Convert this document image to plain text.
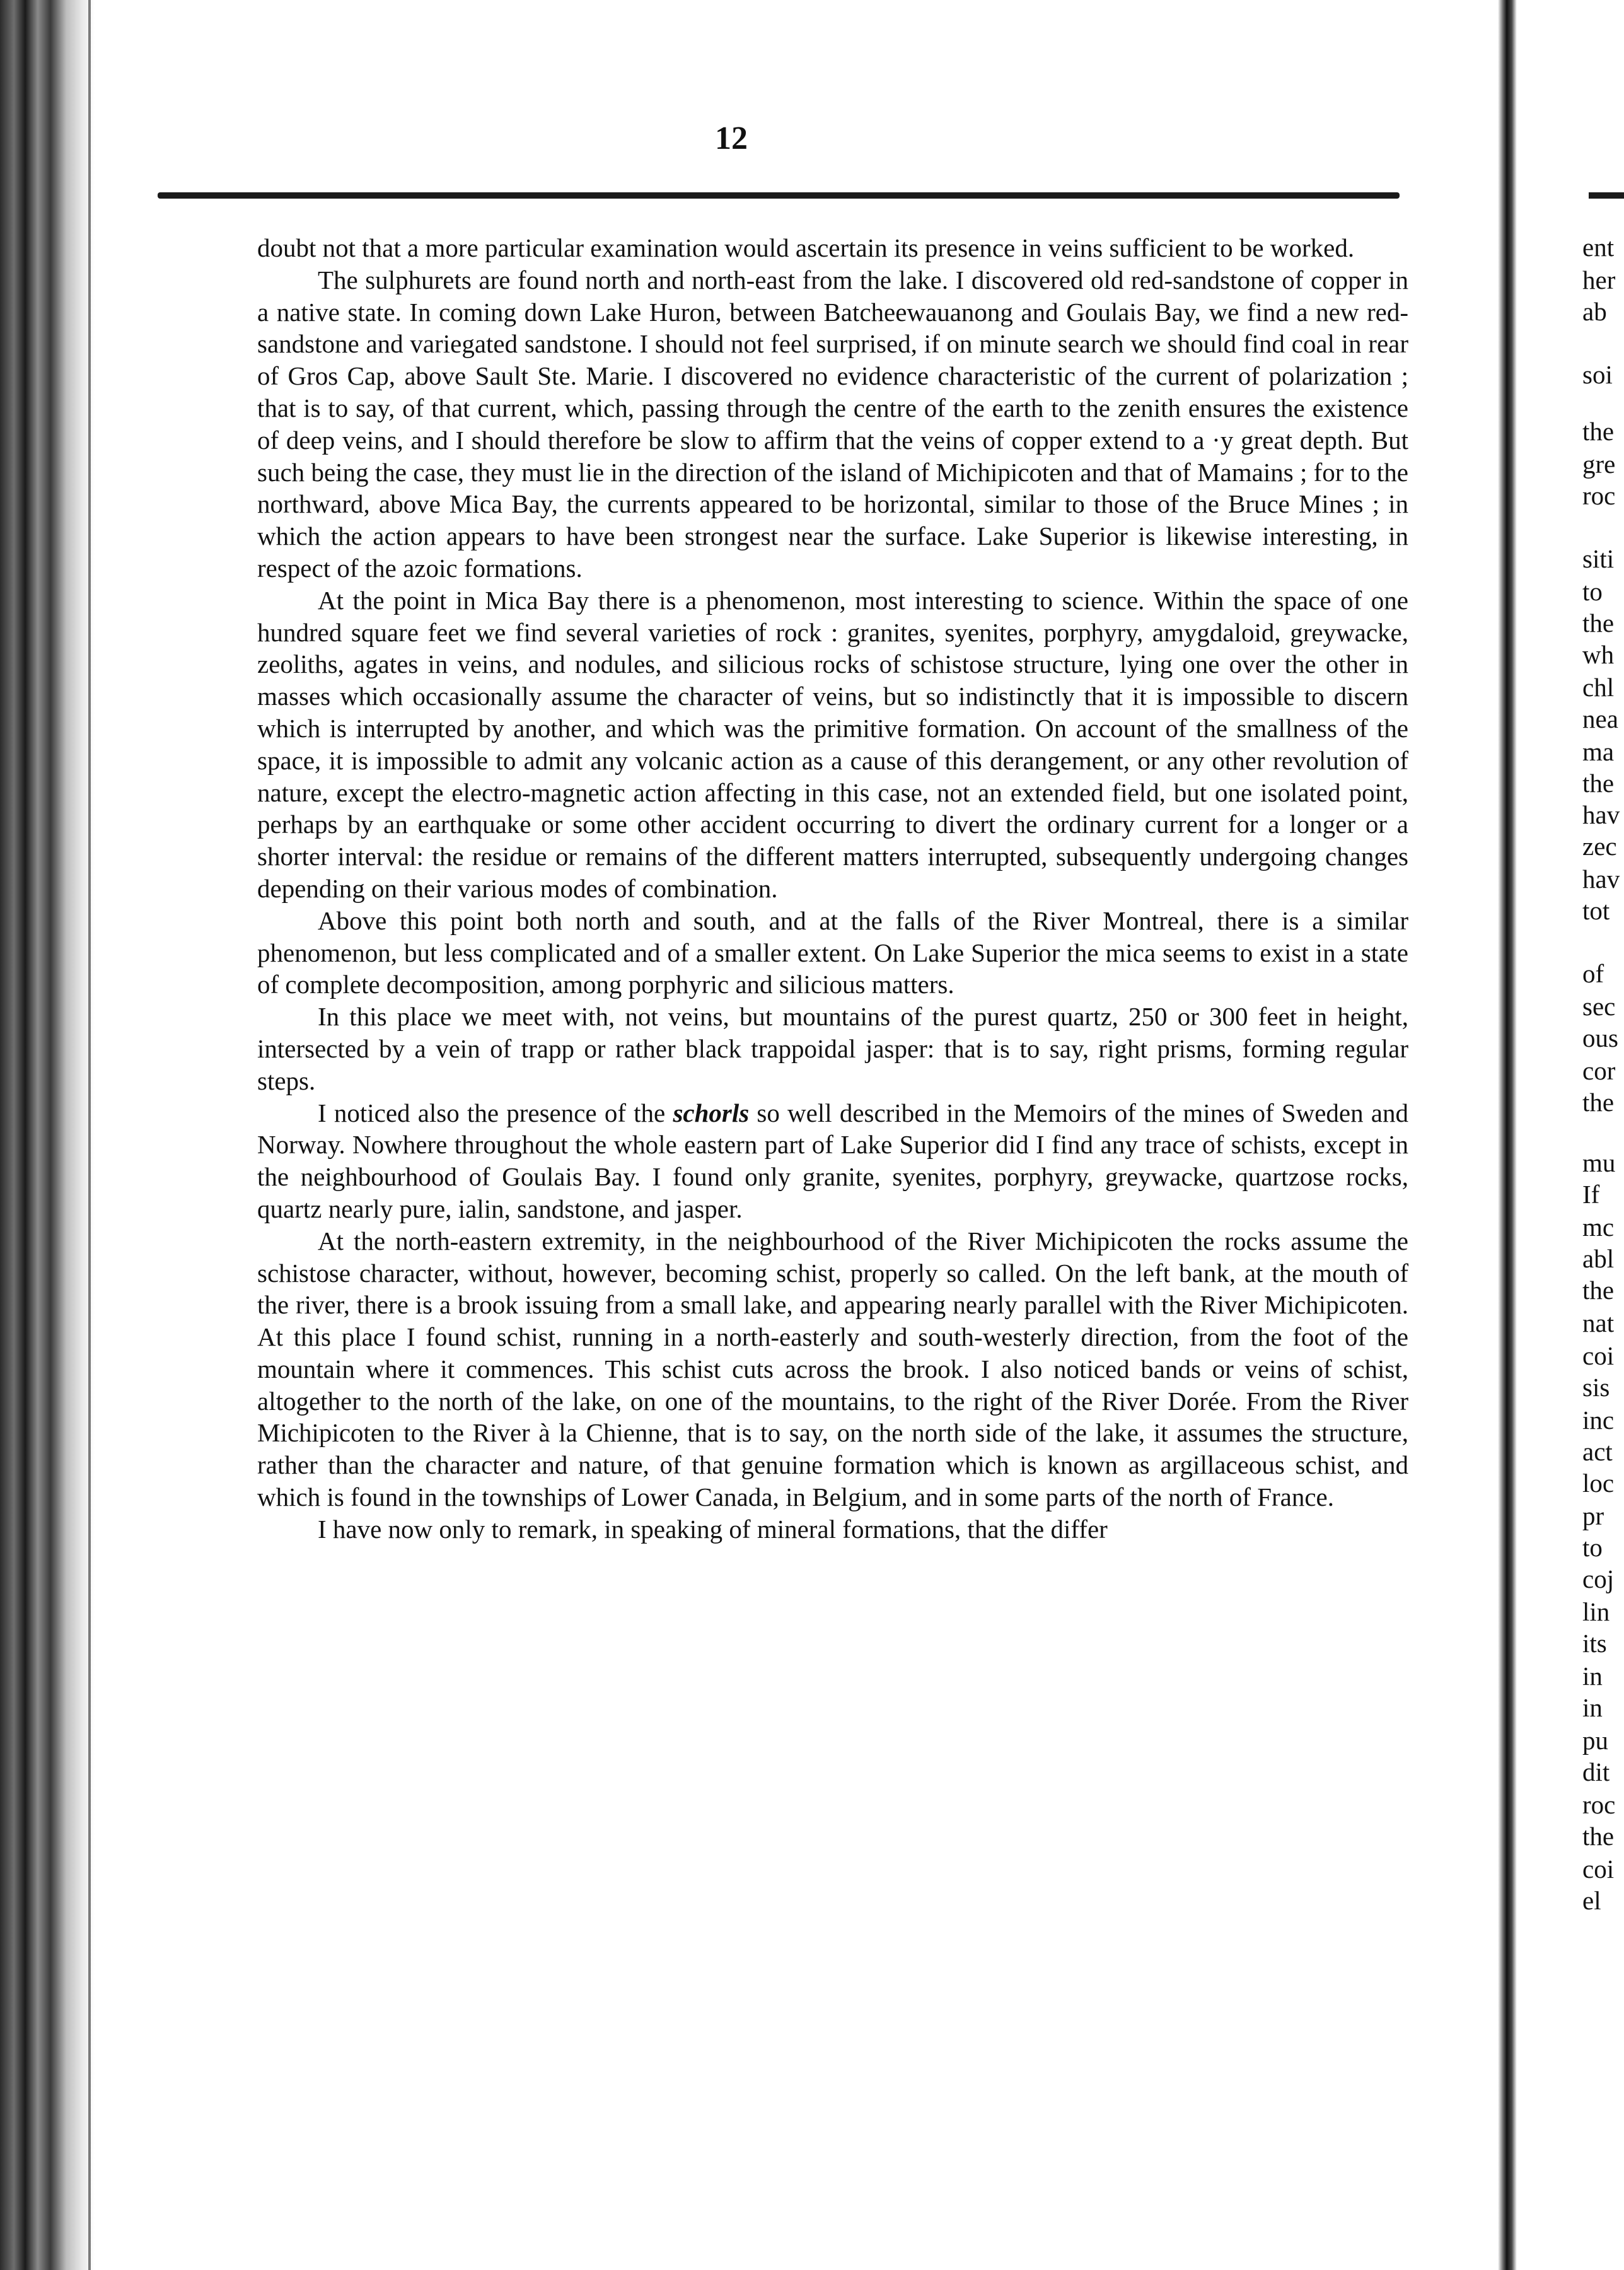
12

doubt not that a more particular examination would ascertain its presence in veins sufficient to be worked.

The sulphurets are found north and north-east from the lake. I discovered old red-sandstone of copper in a native state. In coming down Lake Huron, between Batcheewauanong and Goulais Bay, we find a new red-sandstone and variegated sandstone. I should not feel surprised, if on minute search we should find coal in rear of Gros Cap, above Sault Ste. Marie. I discovered no evidence characteristic of the current of polarization ; that is to say, of that current, which, passing through the centre of the earth to the zenith ensures the existence of deep veins, and I should therefore be slow to affirm that the veins of copper extend to a ·y great depth. But such being the case, they must lie in the direction of the island of Michipicoten and that of Mamains ; for to the northward, above Mica Bay, the currents appeared to be horizontal, similar to those of the Bruce Mines ; in which the action appears to have been strongest near the surface. Lake Superior is likewise interesting, in respect of the azoic formations.

At the point in Mica Bay there is a phenomenon, most interesting to science. Within the space of one hundred square feet we find several varieties of rock : granites, syenites, porphyry, amygdaloid, greywacke, zeoliths, agates in veins, and nodules, and silicious rocks of schistose structure, lying one over the other in masses which occasionally assume the character of veins, but so indistinctly that it is impossible to discern which is interrupted by another, and which was the primitive formation. On account of the smallness of the space, it is impossible to admit any volcanic action as a cause of this derangement, or any other revolution of nature, except the electro-magnetic action affecting in this case, not an extended field, but one isolated point, perhaps by an earthquake or some other accident occurring to divert the ordinary current for a longer or a shorter interval: the residue or remains of the different matters interrupted, subsequently undergoing changes depending on their various modes of combination.

Above this point both north and south, and at the falls of the River Montreal, there is a similar phenomenon, but less complicated and of a smaller extent. On Lake Superior the mica seems to exist in a state of complete decomposition, among porphyric and silicious matters.

In this place we meet with, not veins, but mountains of the purest quartz, 250 or 300 feet in height, intersected by a vein of trapp or rather black trappoidal jasper: that is to say, right prisms, forming regular steps.

I noticed also the presence of the schorls so well described in the Memoirs of the mines of Sweden and Norway. Nowhere throughout the whole eastern part of Lake Superior did I find any trace of schists, except in the neighbourhood of Goulais Bay. I found only granite, syenites, porphyry, greywacke, quartzose rocks, quartz nearly pure, ialin, sandstone, and jasper.

At the north-eastern extremity, in the neighbourhood of the River Michipicoten the rocks assume the schistose character, without, however, becoming schist, properly so called. On the left bank, at the mouth of the river, there is a brook issuing from a small lake, and appearing nearly parallel with the River Michipicoten. At this place I found schist, running in a north-easterly and south-westerly direction, from the foot of the mountain where it commences. This schist cuts across the brook. I also noticed bands or veins of schist, altogether to the north of the lake, on one of the mountains, to the right of the River Dorée. From the River Michipicoten to the River à la Chienne, that is to say, on the north side of the lake, it assumes the structure, rather than the character and nature, of that genuine formation which is known as argillaceous schist, and which is found in the townships of Lower Canada, in Belgium, and in some parts of the north of France.

I have now only to remark, in speaking of mineral formations, that the differ

ent
her
ab
soi
the
gre
roc
siti
to
the
wh
chl
nea
ma
the
hav
zec
hav
tot
of
sec
ous
cor
the
mu
If
mc
abl
the
nat
coi
sis
inc
act
loc
pr
to
coj
lin
its
in
in
pu
dit
roc
the
coi
el
